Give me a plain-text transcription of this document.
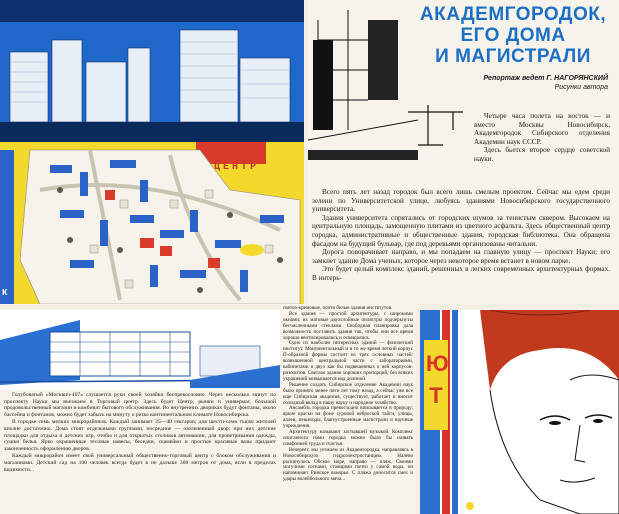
ЦЕНТР
К
АКАДЕМГОРОДОК,
ЕГО ДОМА
И МАГИСТРАЛИ
Репортаж ведет Г. НАГОРЯНСКИЙ
Рисунки автора

Четыре часа полета на восток — и вместо Москвы Новосибирск, Академгородок Сибирского отделения Академии наук СССР.

Здесь бьется второе сердце советской науки.

Всего пять лет назад городок был всего лишь смелым проектом. Сейчас мы едем среди зелени по Университетской улице, любуясь зданиями Новосибирского государственного университета.

Здания университета спрятались от городских шумов за тенистым сквером. Высокаем на центральную площадь, замощенную плитами из цветного асфальта. Здесь общественный центр городка, административные и общественные здания, городская библиотека. Она обращена фасадом на будущий бульвар, где под деревьями организованы читальни.

Дорога поворачивает направо, и мы попадаем на главную улицу — проспект Науки; его замкнет здание Дома ученых, которое через некоторое время встанет в новом парке.

Это будет целый комплекс зданий, решенных в легких современных архитектурных формах. В интерь-

Голубоватый «Москвич-407» слушается руки своей хозяйки беспрекословно. Через несколько минут по проспекту Науки мы въезжаем в Торговый центр. Здесь будет Центр, рынки и универмаг, большой продовольственный магазин и комбинат бытового обслуживания. Во внутренних двориках будут фонтаны, около бассейна и фонтанов, можно будет забыть на минуту о резко континентальном климате Новосибирска.

В городке семь мелких микрорайонов. Каждый занимает 25—40 гектаров; для шести-семи тысяч жителей вполне достаточно. Дома стоят отдельными группами, посредине — озелененный двор; при них детские площадки для отдыха и детских игр, чтобы и для открытых столиков автомашин, для проветривания одежды, сушки белья. Ярко окрашенные тесовые навесы, беседки, скамейки и простые красивые вазы придают законченность оформлению дворов.

Каждый микрорайон имеет свой универсальный общественно-торговый центр с блоком обслуживания и магазинами. Детский сад на 100 человек всегда будет в не дальше 300 метров от дома, ясли в пределах видимости...

светло-кремовые, почти белые здания институтов.

Все здания — простой архитектуры, с широкими окнами; их матовые двухслойные пилястры подчеркнуты бесчисленными стеклами. Свободная планировка дала возможность поставить здания так, чтобы они все время хорошо вентилировались и освещались.

Одно из наиболее интересных зданий — физический институт. Монументальный и в то же время легкий корпус П-образной формы состоит из трех основных частей: возвышенной центральной части с лабораториями, кабинетами и двух как бы подвешенных к ней корпусов-ризолитов. Светлое здание хороших пропорций, без всяких украшений возвышается над долиной.

Решение создать Сибирское отделение Академии наук было принято менее пяти лет тому назад, а сейчас уже все еще Сибирская академия, существует, работает и вносит солидный вклад в нашу науку и народное хозяйство.

Ансамбль городка превосходно вписывается в природу; яркие краски на фоне суровой неброской тайги, улицы, аллеи, пешеходы, благоустроенные магистрали и научные учреждения.

Архитектуру называют застывшей музыкой. Комплекс описанного нами городка можно было бы назвать симфонией труда и счастья.

Вечереет, мы уезжаем из Академгородка, направляясь в Новосибирскую гидроэлектростанцию. Налево раскинулось Обское море, направо — пляж. Своими могучими соснами, стоящими почти у самой воды, он напоминает Римское взморье. С пляжа доносится смех и удары волейбольного мяча...

ЮТ
